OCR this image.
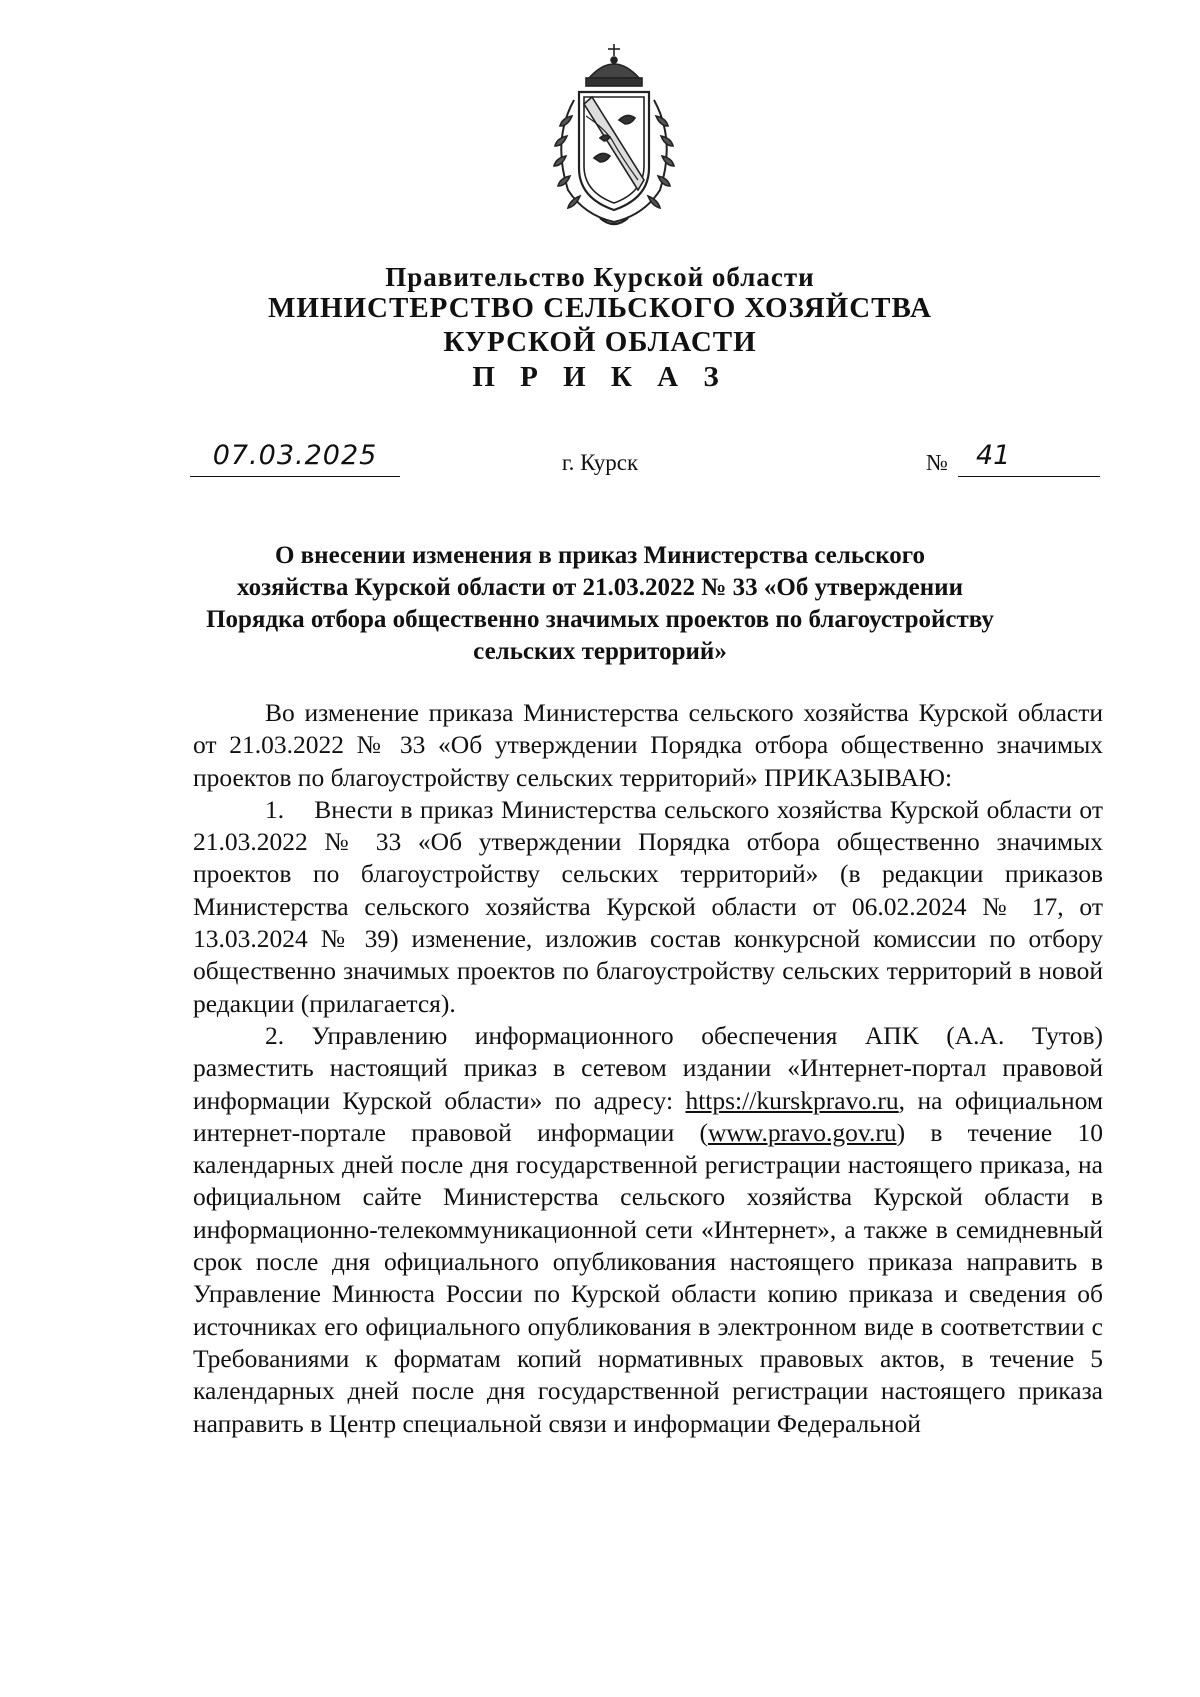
Правительство Курской области
МИНИСТЕРСТВО СЕЛЬСКОГО ХОЗЯЙСТВА
КУРСКОЙ ОБЛАСТИ
П Р И К А З
07.03.2025	г. Курск	№	41
О внесении изменения в приказ Министерства сельского
хозяйства Курской области от 21.03.2022 № 33 «Об утверждении
Порядка отбора общественно значимых проектов по благоустройству
сельских территорий»

Во изменение приказа Министерства сельского хозяйства Курской области от 21.03.2022 № 33 «Об утверждении Порядка отбора общественно значимых проектов по благоустройству сельских территорий» ПРИКАЗЫВАЮ:

1.    Внести в приказ Министерства сельского хозяйства Курской области от 21.03.2022 № 33 «Об утверждении Порядка отбора общественно значимых проектов по благоустройству сельских территорий» (в редакции приказов Министерства сельского хозяйства Курской области от 06.02.2024 № 17, от 13.03.2024 № 39) изменение, изложив состав конкурсной комиссии по отбору общественно значимых проектов по благоустройству сельских территорий в новой редакции (прилагается).

2. Управлению информационного обеспечения АПК (А.А. Тутов) разместить настоящий приказ в сетевом издании «Интернет-портал правовой информации Курской области» по адресу: https://kurskpravo.ru, на официальном интернет-портале правовой информации (www.pravo.gov.ru) в течение 10 календарных дней после дня государственной регистрации настоящего приказа, на официальном сайте Министерства сельского хозяйства Курской области в информационно-телекоммуникационной сети «Интернет», а также в семидневный срок после дня официального опубликования настоящего приказа направить в Управление Минюста России по Курской области копию приказа и сведения об источниках его официального опубликования в электронном виде в соответствии с Требованиями к форматам копий нормативных правовых актов, в течение 5 календарных дней после дня государственной регистрации настоящего приказа направить в Центр специальной связи и информации Федеральной
